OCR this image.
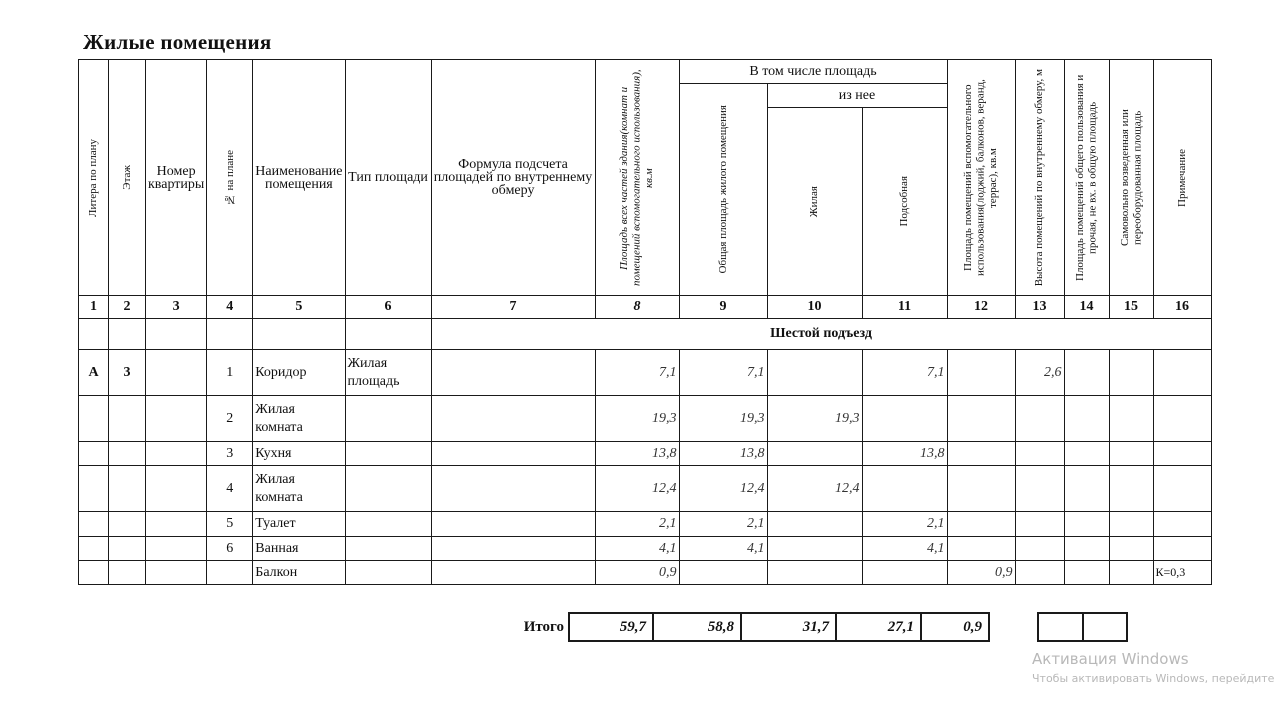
Жилые помещения
Литера по плану	Этаж	Номер квартиры	№ на плане	Наименование помещения	Тип площади	Формула подсчета площадей по внутреннему обмеру	Площадь всех частей здания(комнат и помещений вспомогательного использования), кв.м	В том числе площадь			Площадь помещений вспомогательного использования(лоджий, балконов, веранд, террас), кв.м	Высота помещений по внутреннему обмеру, м	Площадь помещений общего пользования и прочая, не вх. в общую площадь	Самовольно возведенная или переоборудованная площадь	Примечание

								Общая площадь жилого помещения	из нее						

									Жилая	Подсобная					

1	2	3	4	5	6	7	8	9	10	11	12	13	14	15	16
						Шестой подъезд									
А	3		1	Коридор	Жилая площадь		7,1	7,1		7,1		2,6			
			2	Жилая комната			19,3	19,3	19,3						
			3	Кухня			13,8	13,8		13,8					
			4	Жилая комната			12,4	12,4	12,4						
			5	Туалет			2,1	2,1		2,1					
			6	Ванная			4,1	4,1		4,1					
				Балкон			0,9				0,9				К=0,3
Итого	59,7	58,8	31,7	27,1	0,9			
Активация Windows
Чтобы активировать Windows, перейдите
